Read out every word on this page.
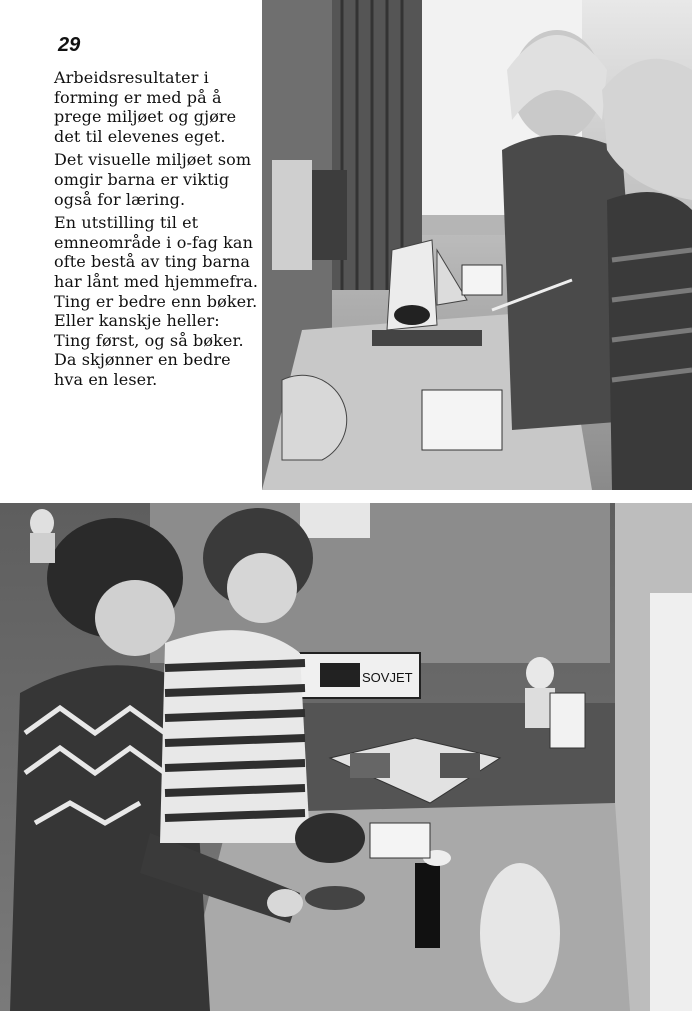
29

Arbeidsresultater i forming er med på å prege miljøet og gjøre det til elevenes eget.

Det visuelle miljøet som omgir barna er viktig også for læring.

En utstilling til et emneområde i o-fag kan ofte bestå av ting barna har lånt med hjemmefra. Ting er bedre enn bøker. Eller kanskje heller: Ting først, og så bøker. Da skjønner en bedre hva en leser.

SOVJET
